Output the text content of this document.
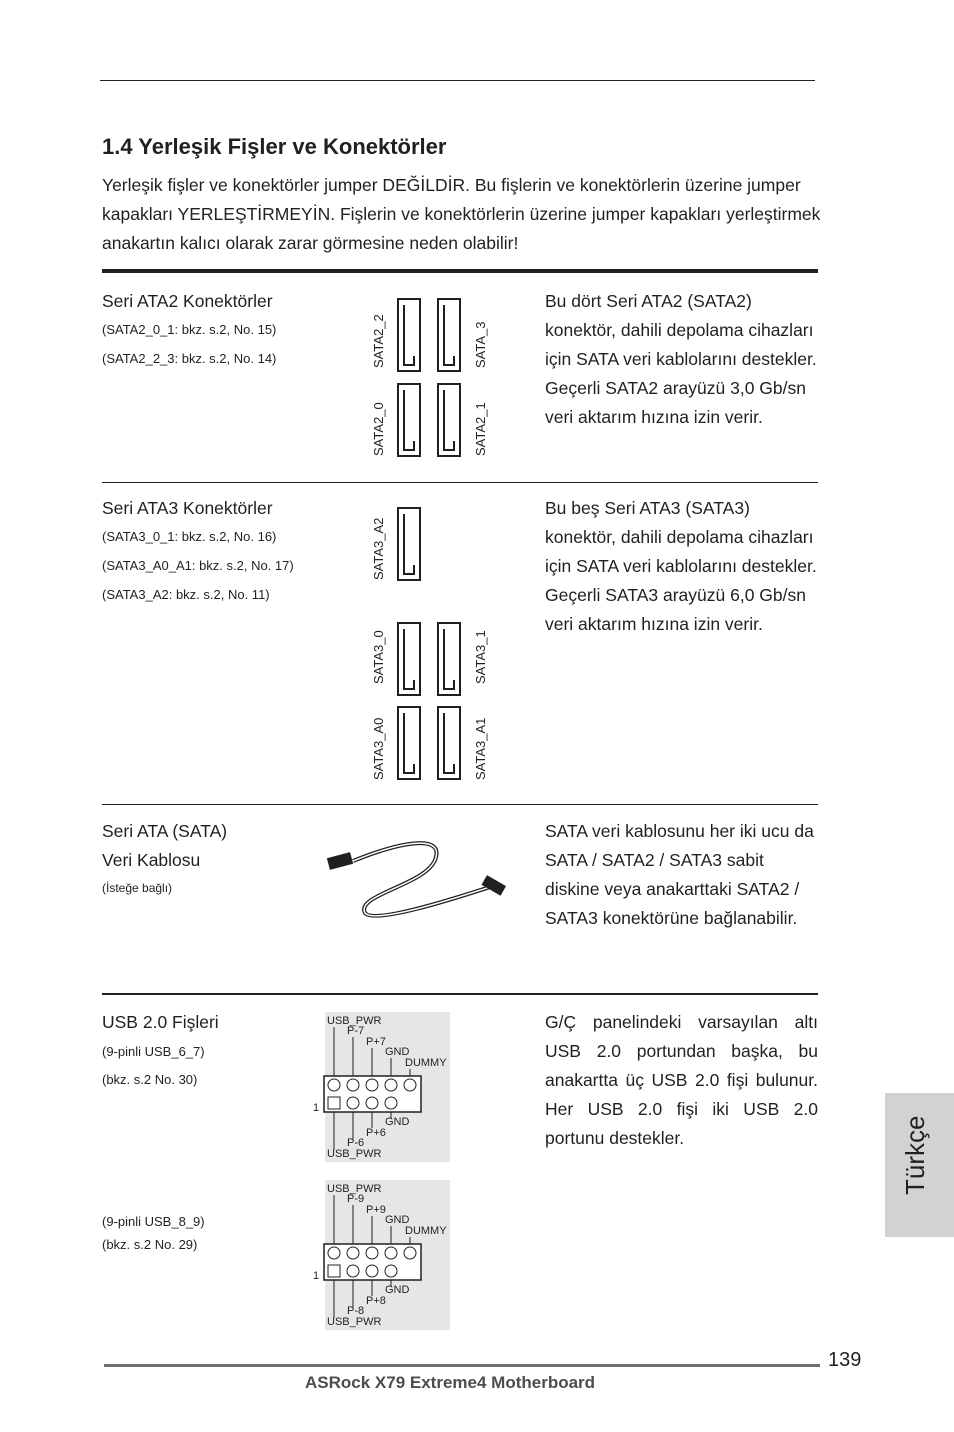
1.4 Yerleşik Fişler ve Konektörler

Yerleşik fişler ve konektörler jumper DEĞİLDİR. Bu fişlerin ve konektörlerin üzerine jumper kapakları YERLEŞTİRMEYİN. Fişlerin ve konektörlerin üzerine jumper kapakları yerleştirmek anakartın kalıcı olarak zarar görmesine neden olabilir!

Seri ATA2 Konektörler
(SATA2_0_1: bkz. s.2, No. 15)
(SATA2_2_3: bkz. s.2, No. 14)	SATA2_2	SATA_3
SATA2_0	SATA2_1

Bu dört Seri ATA2 (SATA2) konektör, dahili depolama cihazları için SATA veri kablolarını destekler. Geçerli SATA2 arayüzü 3,0 Gb/sn veri aktarım hızına izin verir.

Seri ATA3 Konektörler
(SATA3_0_1: bkz. s.2, No. 16)
(SATA3_A0_A1: bkz. s.2, No. 17)
(SATA3_A2: bkz. s.2, No. 11)
SATA3_A2
SATA3_0	SATA3_1
SATA3_A0	SATA3_A1

Bu beş Seri ATA3 (SATA3) konektör, dahili depolama cihazları için SATA veri kablolarını destekler. Geçerli SATA3 arayüzü 6,0 Gb/sn veri aktarım hızına izin verir.

Seri ATA (SATA)
Veri Kablosu
(İsteğe bağlı)

SATA veri kablosunu her iki ucu da SATA / SATA2 / SATA3 sabit diskine veya anakarttaki SATA2 / SATA3 konektörüne bağlanabilir.

USB 2.0 Fişleri
(9-pinli USB_6_7)
(bkz. s.2 No. 30)
USB_PWR
P-7
P+7
GND
DUMMY
1
GND
P+6
P-6
USB_PWR
(9-pinli USB_8_9)
(bkz. s.2 No. 29)
USB_PWR
P-9
P+9
GND
DUMMY
1
GND
P+8
P-8
USB_PWR

G/Ç panelindeki varsayılan altı USB 2.0 portundan başka, bu anakartta üç USB 2.0 fişi bulunur. Her USB 2.0 fişi iki USB 2.0 portunu destekler.	Türkçe
139
ASRock X79 Extreme4 Motherboard
